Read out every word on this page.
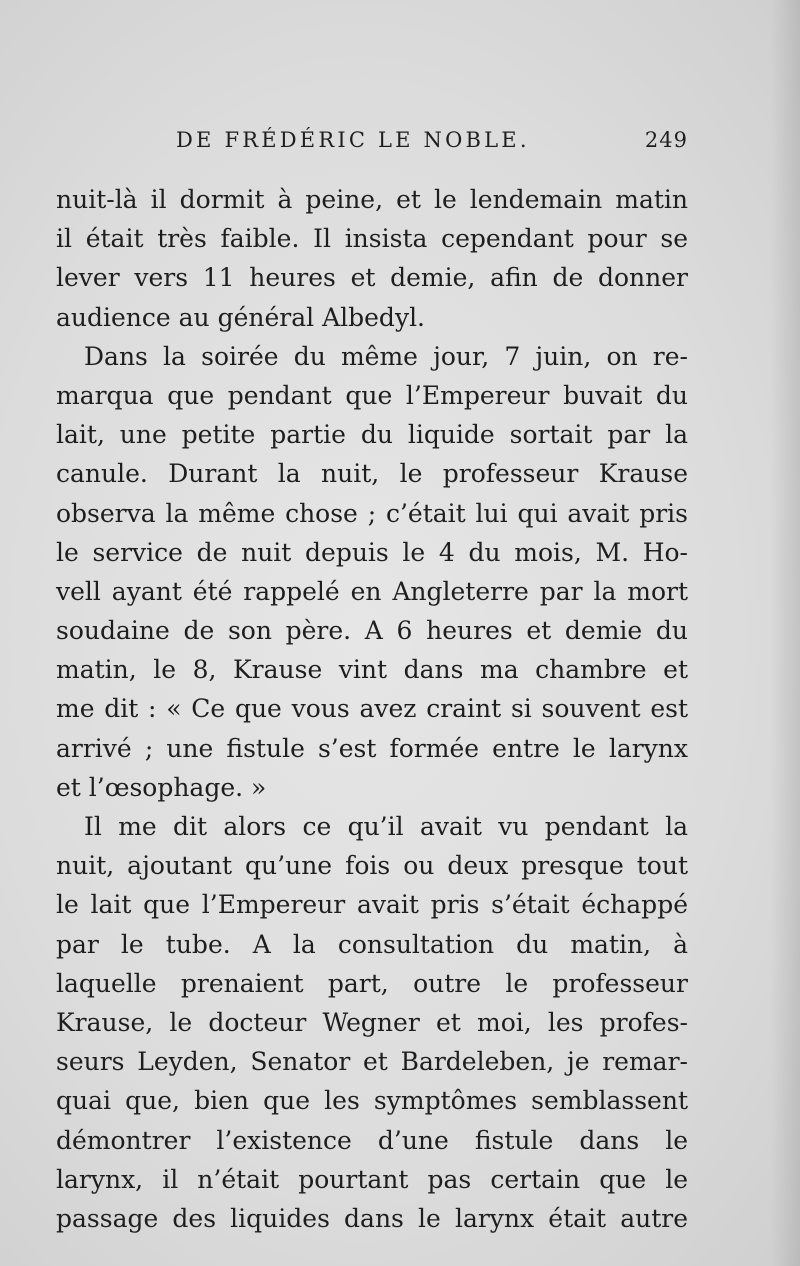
DE FRÉDÉRIC LE NOBLE.	249
nuit-là il dormit à peine, et le lendemain matin
il était très faible. Il insista cependant pour se
lever vers 11 heures et demie, afin de donner
audience au général Albedyl.
Dans la soirée du même jour, 7 juin, on re-
marqua que pendant que l’Empereur buvait du
lait, une petite partie du liquide sortait par la
canule. Durant la nuit, le professeur Krause
observa la même chose ; c’était lui qui avait pris
le service de nuit depuis le 4 du mois, M. Ho-
vell ayant été rappelé en Angleterre par la mort
soudaine de son père. A 6 heures et demie du
matin, le 8, Krause vint dans ma chambre et
me dit : « Ce que vous avez craint si souvent est
arrivé ; une fistule s’est formée entre le larynx
et l’œsophage. »
Il me dit alors ce qu’il avait vu pendant la
nuit, ajoutant qu’une fois ou deux presque tout
le lait que l’Empereur avait pris s’était échappé
par le tube. A la consultation du matin, à
laquelle prenaient part, outre le professeur
Krause, le docteur Wegner et moi, les profes-
seurs Leyden, Senator et Bardeleben, je remar-
quai que, bien que les symptômes semblassent
démontrer l’existence d’une fistule dans le
larynx, il n’était pourtant pas certain que le
passage des liquides dans le larynx était autre
